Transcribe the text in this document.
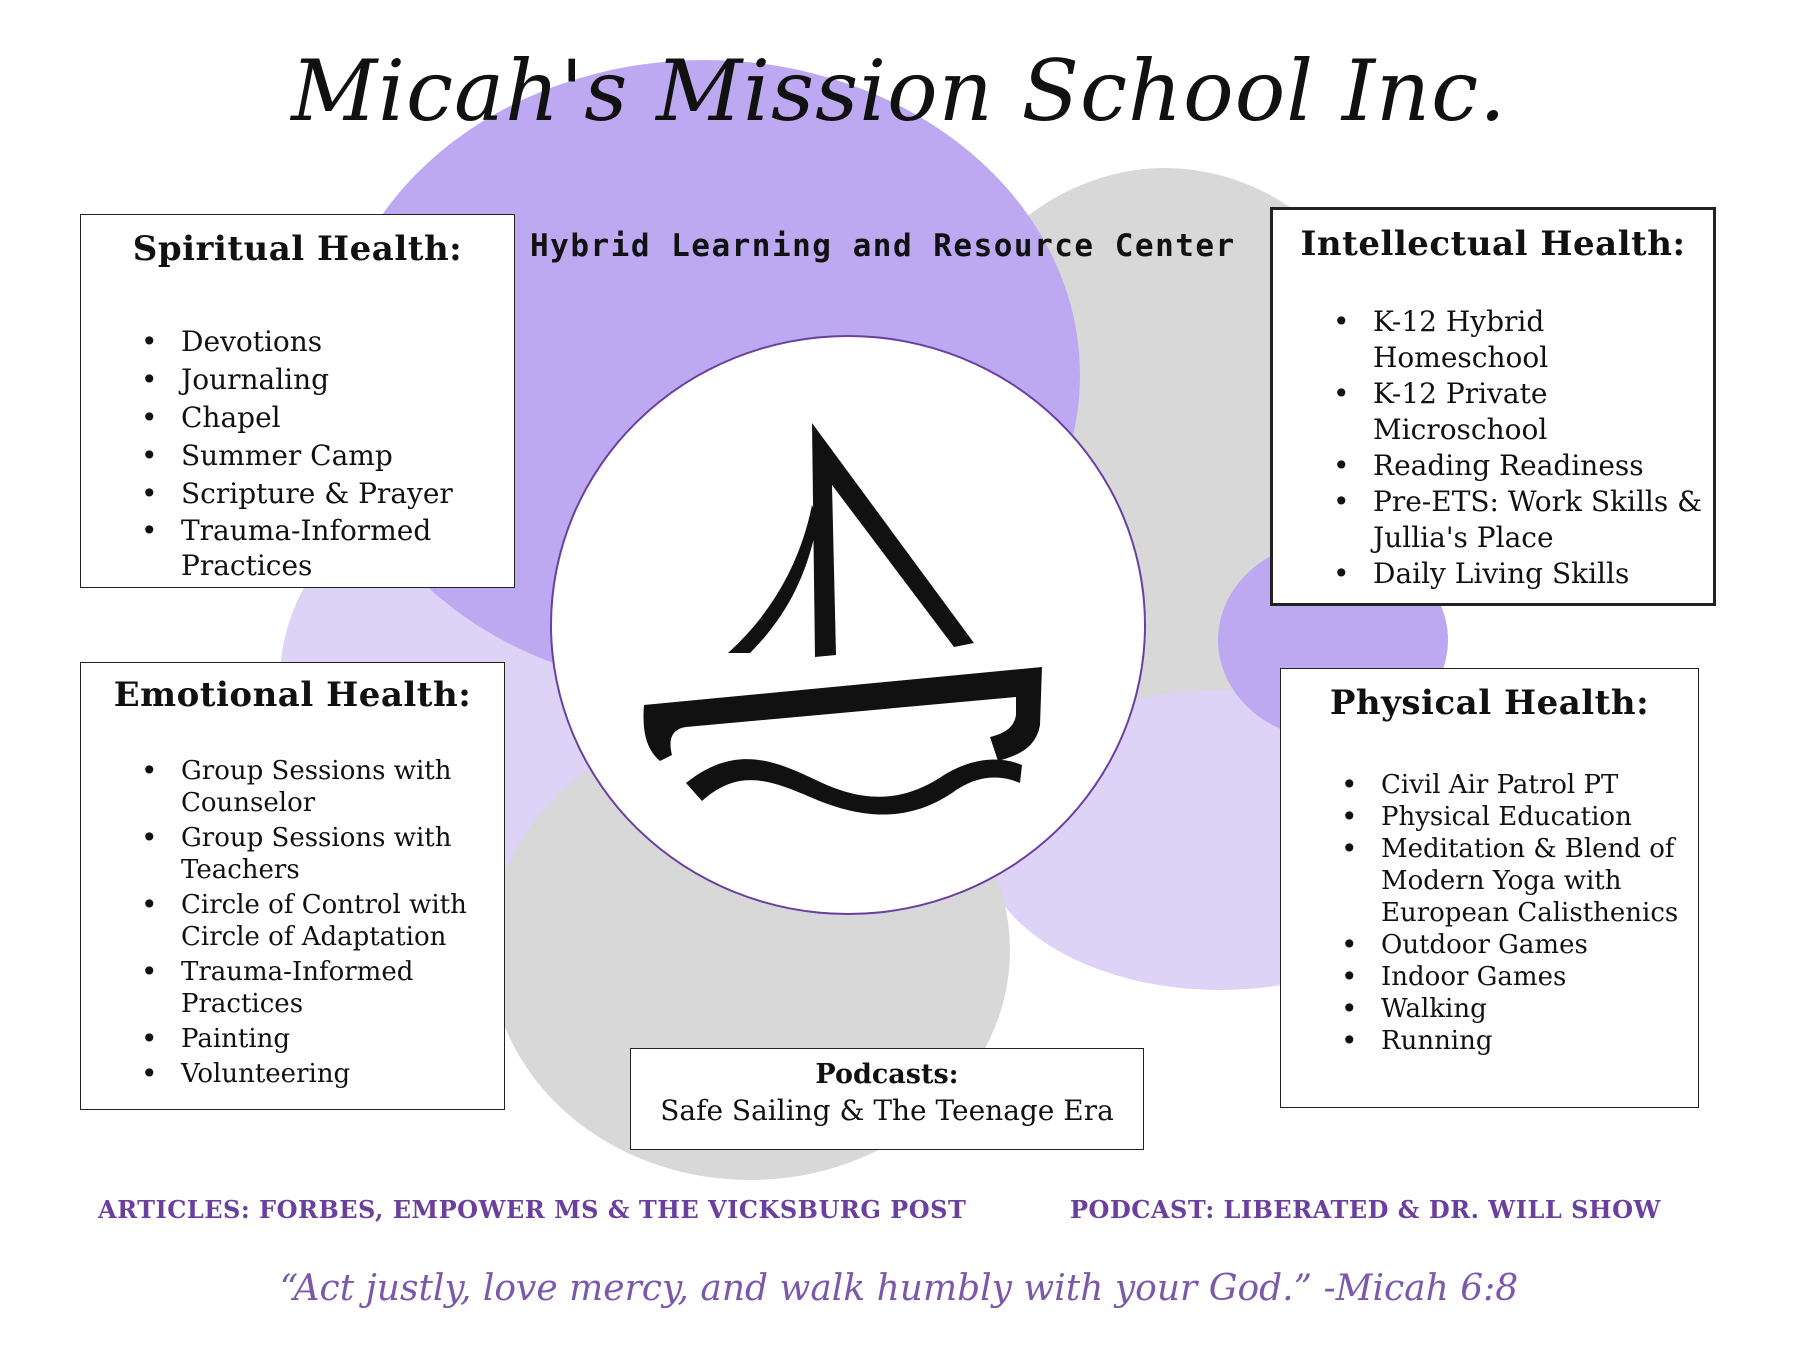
Micah's Mission School Inc.
Hybrid Learning and Resource Center
Spiritual Health:
• Devotions
• Journaling
• Chapel
• Summer Camp
• Scripture & Prayer
• Trauma-Informed Practices
Intellectual Health:
• K-12 Hybrid Homeschool
• K-12 Private Microschool
• Reading Readiness
• Pre-ETS: Work Skills & Jullia's Place
• Daily Living Skills
Emotional Health:
• Group Sessions with Counselor
• Group Sessions with Teachers
• Circle of Control with Circle of Adaptation
• Trauma-Informed Practices
• Painting
• Volunteering
Physical Health:
• Civil Air Patrol PT
• Physical Education
• Meditation & Blend of Modern Yoga with European Calisthenics
• Outdoor Games
• Indoor Games
• Walking
• Running
Podcasts:
Safe Sailing & The Teenage Era
ARTICLES: FORBES, EMPOWER MS & THE VICKSBURG POST	PODCAST: LIBERATED & DR. WILL SHOW
“Act justly, love mercy, and walk humbly with your God.” -Micah 6:8
